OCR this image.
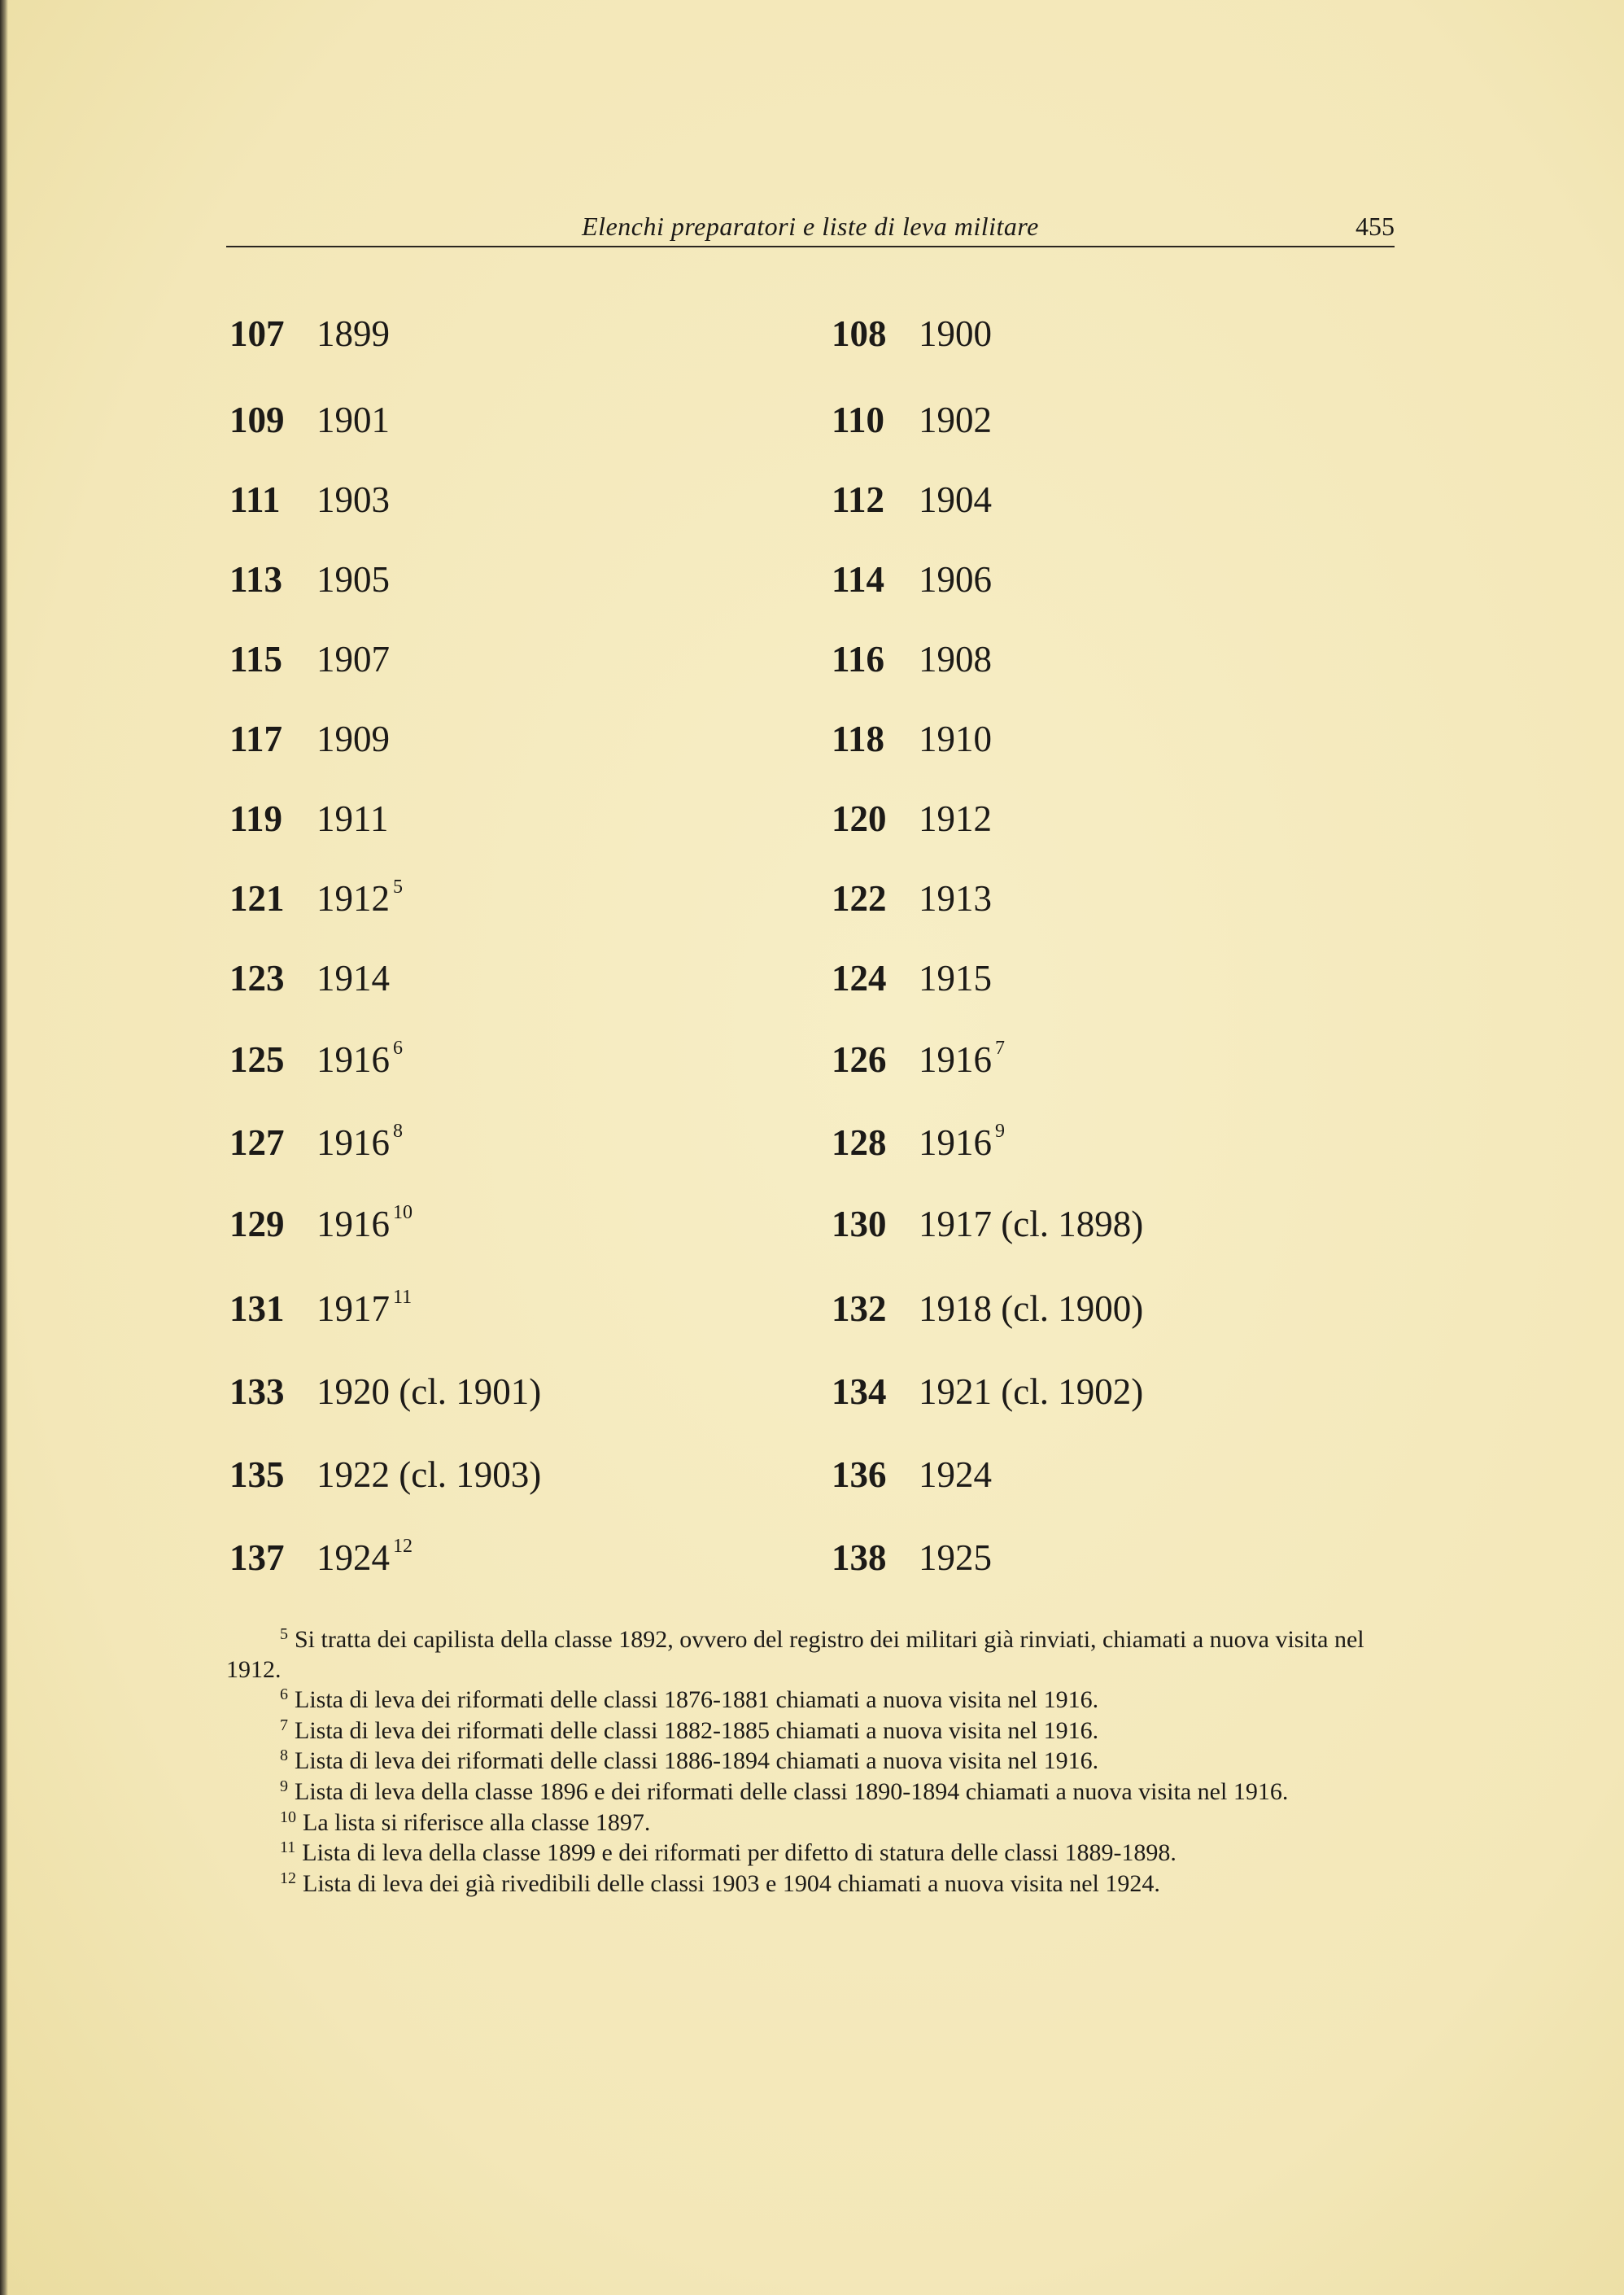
Elenchi preparatori e liste di leva militare	455
107 1899	108 1900
109 1901	110 1902
111 1903	112 1904
113 1905	114 1906
115 1907	116 1908
117 1909	118 1910
119 1911	120 1912
121 1912 $^5$	122 1913
123 1914	124 1915
125 1916 $^6$	126 1916 $^7$
127 1916 $^8$	128 1916 $^9$
129 1916 $^{10}$	130 1917 (cl. 1898)
131 1917 $^{11}$	132 1918 (cl. 1900)
133 1920 (cl. 1901)	134 1921 (cl. 1902)
135 1922 (cl. 1903)	136 1924
137 1924 $^{12}$	138 1925

$^5$ Si tratta dei capilista della classe 1892, ovvero del registro dei militari già rinviati, chiamati a nuova visita nel 1912.

$^6$ Lista di leva dei riformati delle classi 1876-1881 chiamati a nuova visita nel 1916.

$^7$ Lista di leva dei riformati delle classi 1882-1885 chiamati a nuova visita nel 1916.

$^8$ Lista di leva dei riformati delle classi 1886-1894 chiamati a nuova visita nel 1916.

$^9$ Lista di leva della classe 1896 e dei riformati delle classi 1890-1894 chiamati a nuova visita nel 1916.

$^{10}$ La lista si riferisce alla classe 1897.

$^{11}$ Lista di leva della classe 1899 e dei riformati per difetto di statura delle classi 1889-1898.

$^{12}$ Lista di leva dei già rivedibili delle classi 1903 e 1904 chiamati a nuova visita nel 1924.
